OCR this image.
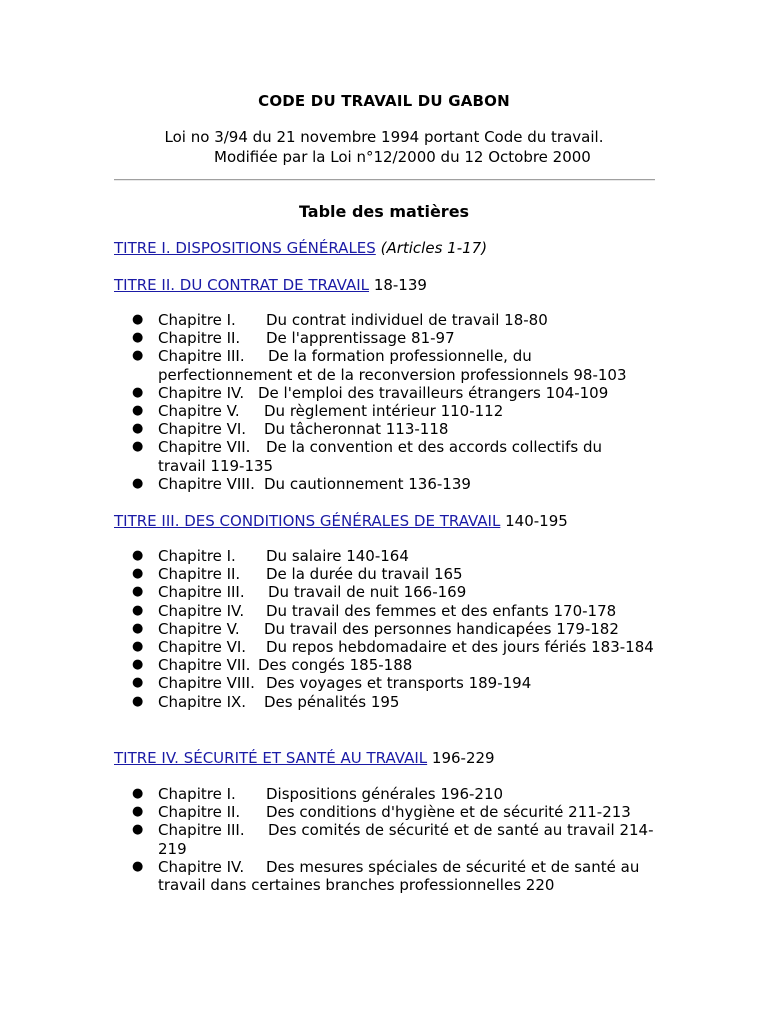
CODE DU TRAVAIL DU GABON
Loi no 3/94 du 21 novembre 1994 portant Code du travail.
Modifiée par la Loi n°12/2000 du 12 Octobre 2000
Table des matières
TITRE I. DISPOSITIONS GÉNÉRALES (Articles 1-17)
TITRE II. DU CONTRAT DE TRAVAIL 18-139
● Chapitre I. Du contrat individuel de travail 18-80
● Chapitre II. De l'apprentissage 81-97
● Chapitre III. De la formation professionnelle, du perfectionnement et de la reconversion professionnels 98-103
● Chapitre IV. De l'emploi des travailleurs étrangers 104-109
● Chapitre V. Du règlement intérieur 110-112
● Chapitre VI. Du tâcheronnat 113-118
● Chapitre VII. De la convention et des accords collectifs du travail 119-135
● Chapitre VIII. Du cautionnement 136-139
TITRE III. DES CONDITIONS GÉNÉRALES DE TRAVAIL 140-195
● Chapitre I. Du salaire 140-164
● Chapitre II. De la durée du travail 165
● Chapitre III. Du travail de nuit 166-169
● Chapitre IV. Du travail des femmes et des enfants 170-178
● Chapitre V. Du travail des personnes handicapées 179-182
● Chapitre VI. Du repos hebdomadaire et des jours fériés 183-184
● Chapitre VII. Des congés 185-188
● Chapitre VIII. Des voyages et transports 189-194
● Chapitre IX. Des pénalités 195
TITRE IV. SÉCURITÉ ET SANTÉ AU TRAVAIL 196-229
● Chapitre I. Dispositions générales 196-210
● Chapitre II. Des conditions d'hygiène et de sécurité 211-213
● Chapitre III. Des comités de sécurité et de santé au travail 214-219
● Chapitre IV. Des mesures spéciales de sécurité et de santé au travail dans certaines branches professionnelles 220
